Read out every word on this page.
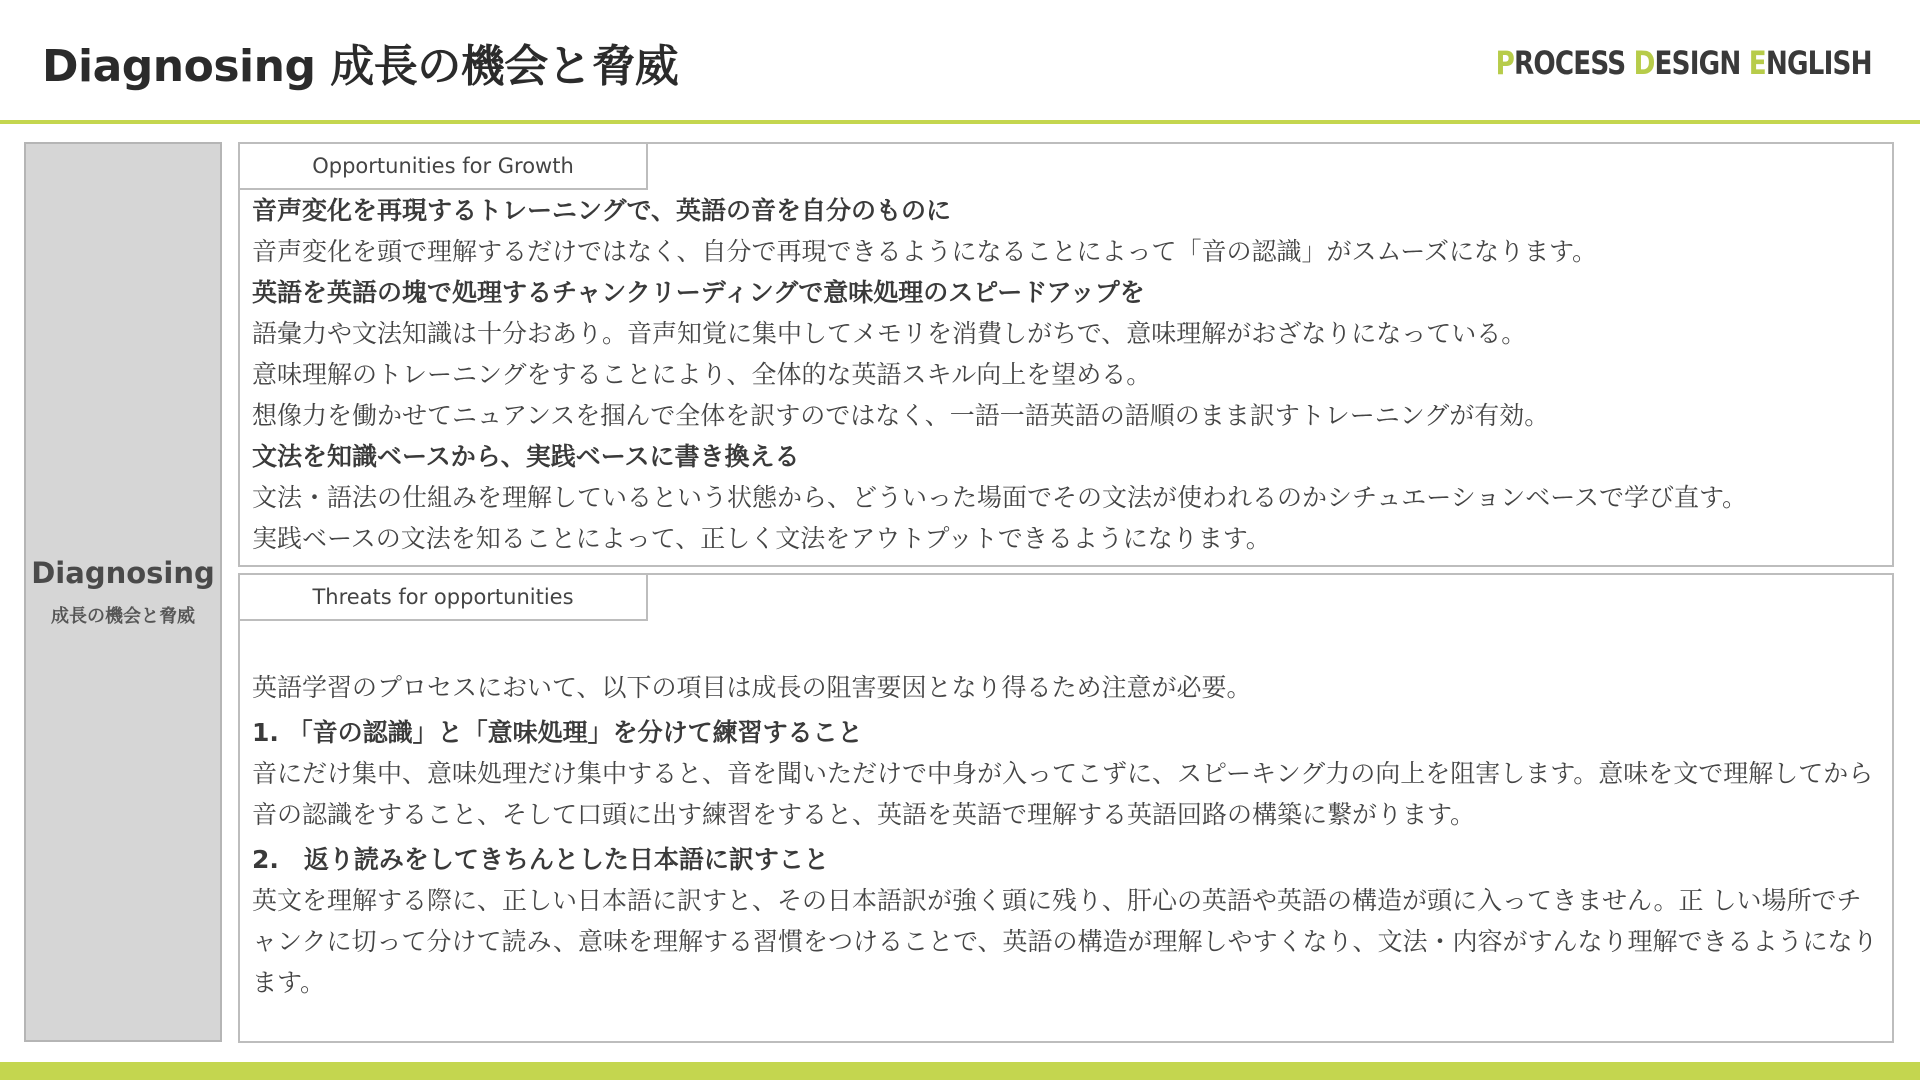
Diagnosing 成長の機会と脅威	PROCESS DESIGN ENGLISH
Diagnosing
成長の機会と脅威
Opportunities for Growth
音声変化を再現するトレーニングで、英語の音を自分のものに
音声変化を頭で理解するだけではなく、自分で再現できるようになることによって「音の認識」がスムーズになります。
英語を英語の塊で処理するチャンクリーディングで意味処理のスピードアップを
語彙力や文法知識は十分おあり。音声知覚に集中してメモリを消費しがちで、意味理解がおざなりになっている。
意味理解のトレーニングをすることにより、全体的な英語スキル向上を望める。
想像力を働かせてニュアンスを掴んで全体を訳すのではなく、一語一語英語の語順のまま訳すトレーニングが有効。
文法を知識ベースから、実践ベースに書き換える
文法・語法の仕組みを理解しているという状態から、どういった場面でその文法が使われるのかシチュエーションベースで学び直す。
実践ベースの文法を知ることによって、正しく文法をアウトプットできるようになります。
Threats for opportunities
英語学習のプロセスにおいて、以下の項目は成長の阻害要因となり得るため注意が必要。
1. 「音の認識」と「意味処理」を分けて練習すること
音にだけ集中、意味処理だけ集中すると、音を聞いただけで中身が入ってこずに、スピーキング力の向上を阻害します。意味を文で理解してから音の認識をすること、そして口頭に出す練習をすると、英語を英語で理解する英語回路の構築に繋がります。
2.　返り読みをしてきちんとした日本語に訳すこと
英文を理解する際に、正しい日本語に訳すと、その日本語訳が強く頭に残り、肝心の英語や英語の構造が頭に入ってきません。正 しい場所でチャンクに切って分けて読み、意味を理解する習慣をつけることで、英語の構造が理解しやすくなり、文法・内容がすんなり理解できるようになります。
